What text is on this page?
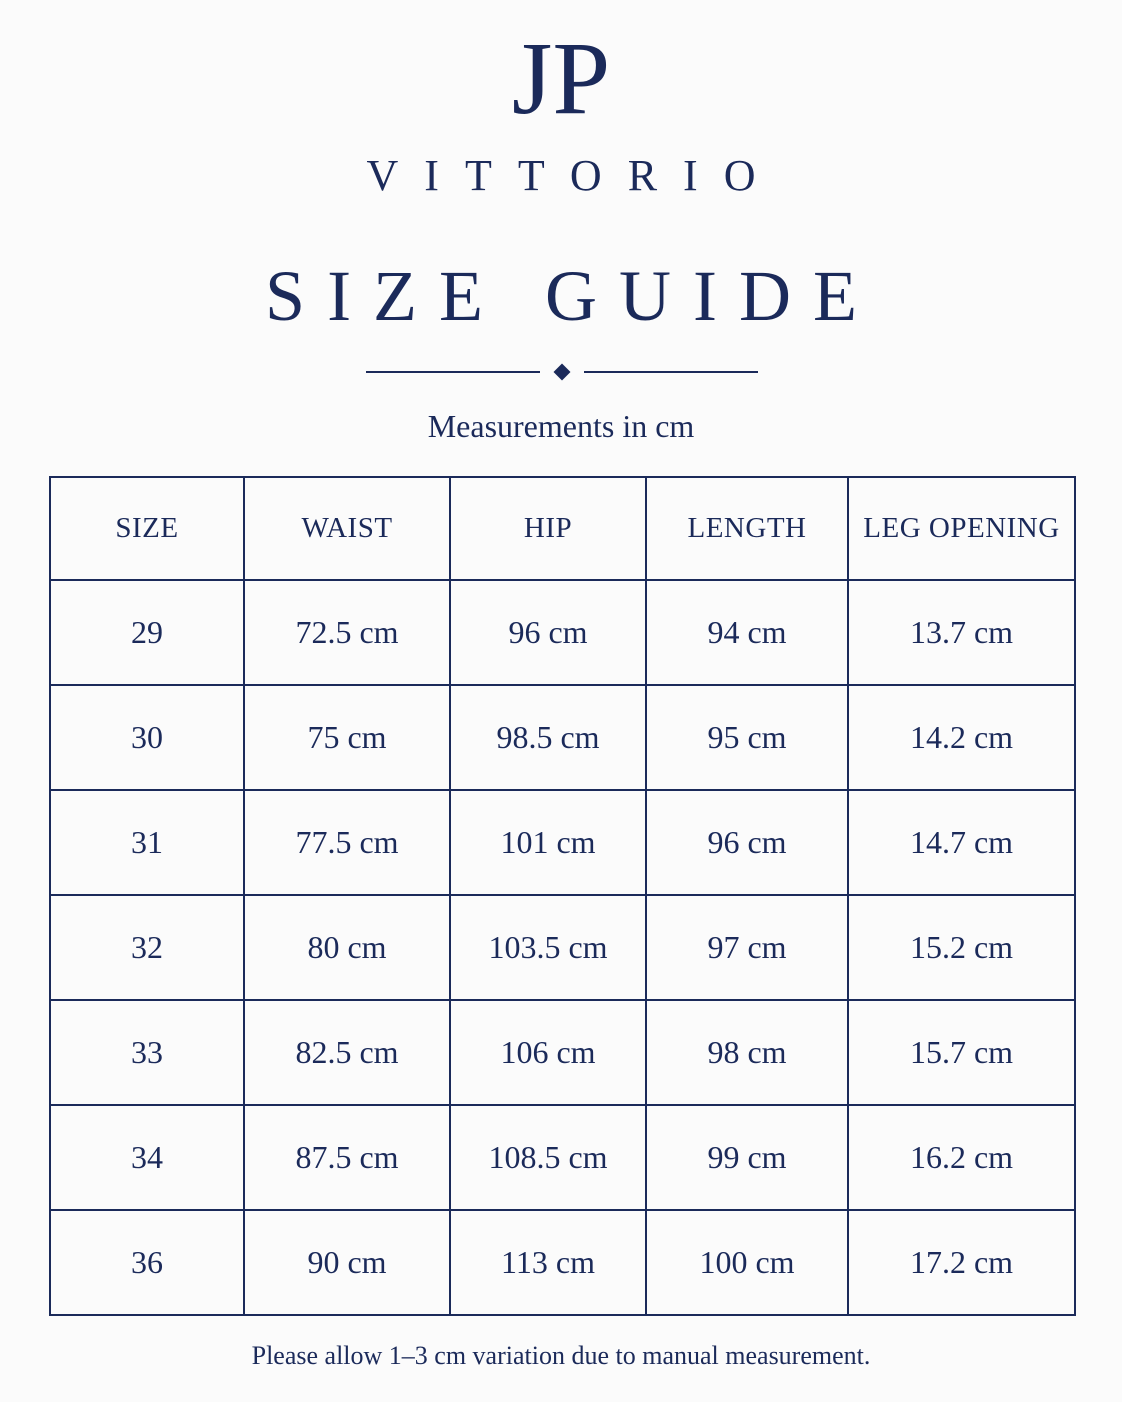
JP
VITTORIO
SIZE GUIDE
Measurements in cm
SIZE	WAIST	HIP	LENGTH	LEG OPENING
29	72.5 cm	96 cm	94 cm	13.7 cm
30	75 cm	98.5 cm	95 cm	14.2 cm
31	77.5 cm	101 cm	96 cm	14.7 cm
32	80 cm	103.5 cm	97 cm	15.2 cm
33	82.5 cm	106 cm	98 cm	15.7 cm
34	87.5 cm	108.5 cm	99 cm	16.2 cm
36	90 cm	113 cm	100 cm	17.2 cm
Please allow 1–3 cm variation due to manual measurement.
